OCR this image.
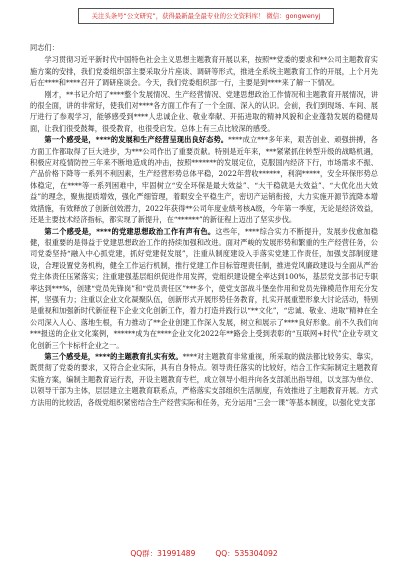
关注头条号“公文研究”，获得最新最全最专业的公文资料库！ 微信：gongwenyj
同志们：

学习贯彻习近平新时代中国特色社会主义思想主题教育开展以来，按照**党委的要求和**公司主题教育实施方案的安排，我们党委组织部主要采取分片座谈、调研等形式，推进全系统主题教育工作的开展，上个月先后在****和****召开了调研座谈会。今天，我们党委组织部一行，主要是到****来了解一下情况。

刚才，**书记介绍了****整个发展情况、生产经营情况、党建思想政治工作情况和主题教育开展情况，讲的很全面，讲的非常好，使我们对****各方面工作有了一个全面、深入的认识。会前，我们到现场、车间、展厅进行了参观学习，能够感受到****人忠诚企业、敬业奉献、开拓进取的精神风貌和企业蓬勃发展的稳健局面，让我们很受鼓舞，很受教育，也很受启发。总体上有三点比较深的感受。

第一个感受是，****的发展和生产经营呈现出良好态势。****成立***多年来，艰苦创业、顽强拼搏，各方面工作都取得了巨大进步，为***公司作出了重要贡献。特别是近年来，***紧紧抓住转型升级的战略机遇，积极应对疫情防控三年来不断地造成的冲击，按照*******的发展定位，克服国内经济下行，市场需求不振、产品价格下降等一系列不利因素，生产经营形势总体平稳，2022年营收******，利润*****，安全环保形势总体稳定，在****等一系列困难中，牢固树立“安全环保是最大效益”、“大干稳就是大效益”、“大优化出大效益”的理念，聚焦提质增效，强化严细管理，着眼安全平稳生产，密切产运销衔接，大力实施开源节流降本增效措施，有效释放了创新创效潜力，2022年获得**公司年度业绩考核A级，今年第一季度，无论是经济效益，还是主要技术经济指标，都实现了新提升，在“******”的新征程上迈出了坚实步伐。

第二个感受是，****的党建思想政治工作有声有色。这些年，****综合实力不断提升，发展步伐愈加稳健，很重要的是得益于党建思想政治工作的持续加强和改进。面对严峻的发展形势和繁重的生产经营任务，公司党委坚持“融入中心抓党建，抓好党建促发展”，注重从制度建设入手落实党建工作责任，加强支部制度建设，合理设置党务机构，健全工作运行机制，推行党建工作目标管理责任制，推进党风廉政建设与全面从严治党主体责任压紧落实；注重建强基层组织促进作用发挥，党组织建设健全率达到100%，基层党支部书记专职率达到***%，创建“党员先锋岗”和“党员责任区”***多个，使党支部战斗堡垒作用和党员先锋模范作用充分发挥，坚强有力；注重以企业文化凝聚队伍，创新形式开展形势任务教育，扎实开展重塑形象大讨论活动，特别是重视和加强新时代新征程下企业文化创新工作，着力打造并践行以“**文化”，“忠诚、敬业、进取”精神在全公司深入人心、落地生根，有力推动了**企业创建工作深入发展，树立和展示了****良好形象。前不久我们向***报送的企业文化案例，******成为在****企业文化2022年**路会上受到表彰的“互联网+时代”企业专项文化创新三个卡标杆企业之一。

第三个感受是，****的主题教育扎实有效。****对主题教育非常重视，所采取的做法都比较务实、靠实，既贯彻了党委的要求，又符合企业实际，具有自身特点。领导责任落实的比较好，结合工作实际制定主题教育实施方案，编制主题教育运行表，开设主题教育专栏，成立领导小组并向各支部派出指导组，以支部为单位、以领导干部为主体，层层建立主题教育联系点，严格落实支部组织生活制度，有效推进了主题教育开展。方式方法用的比较活，各级党组织紧密结合生产经营实际和任务，充分运用“三会一课”等基本制度，以强化党支部

QQ群：31991489	QQ：535304092
